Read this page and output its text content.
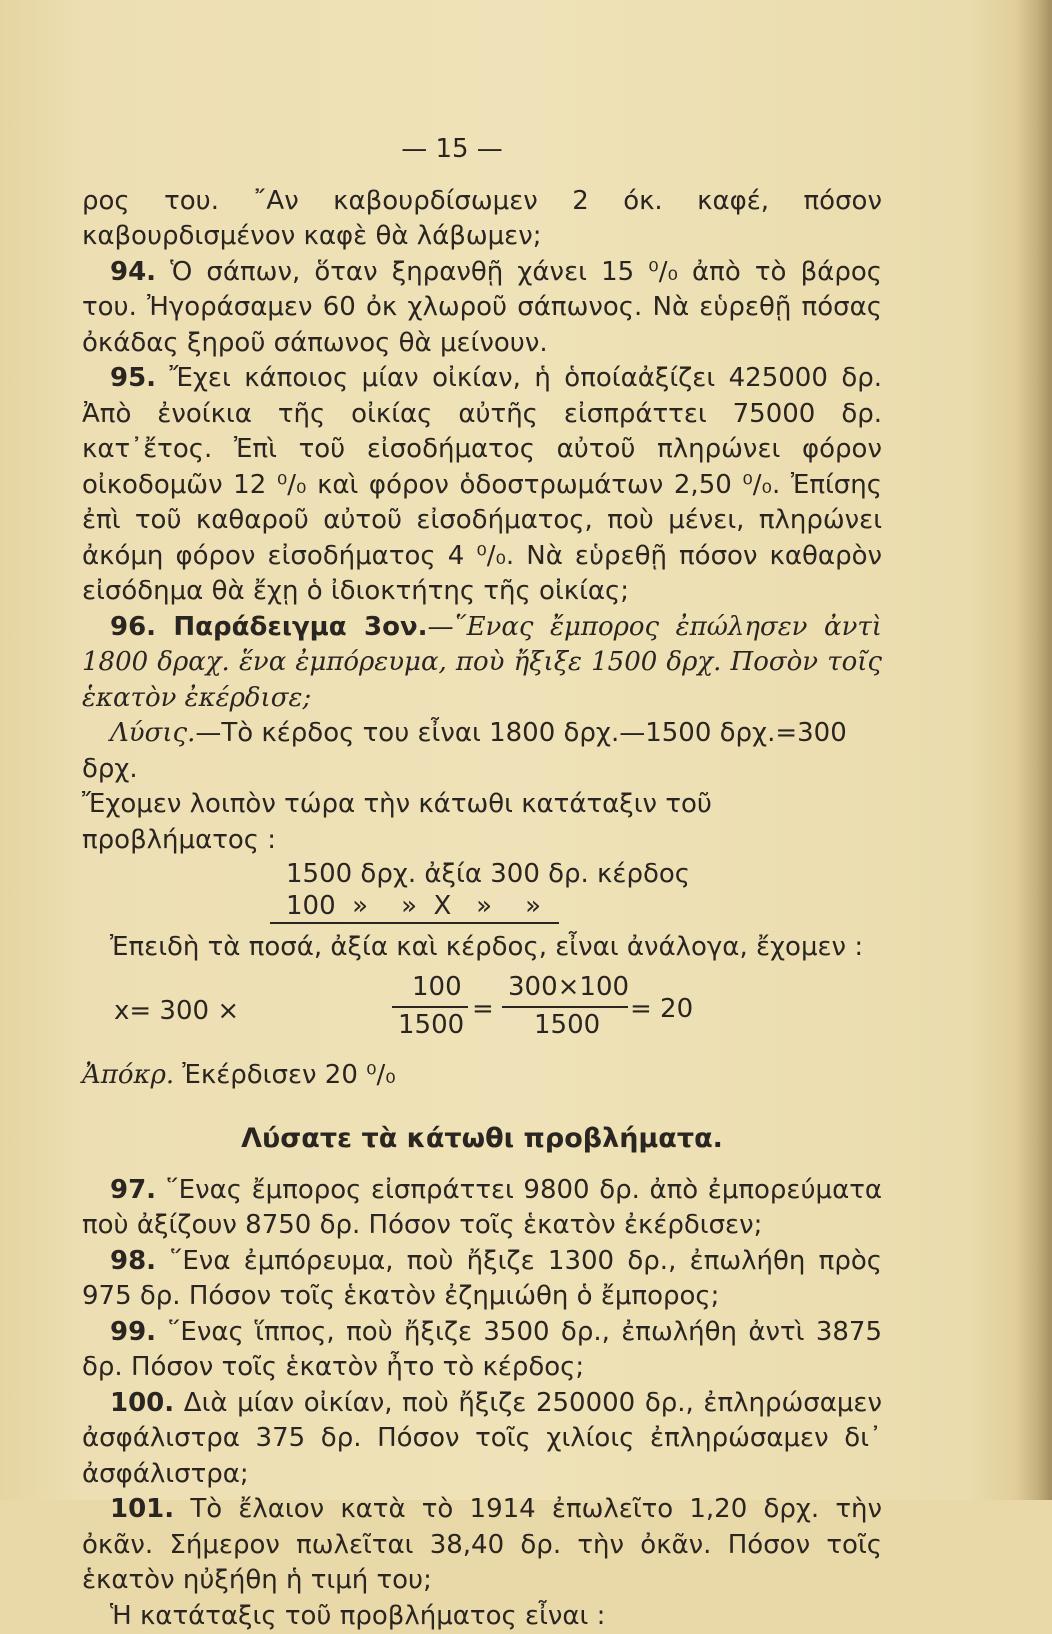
— 15 —
ρος του. ῎Αν καβουρδίσωμεν 2 όκ. καφέ, πόσον καβουρδισμένον καφὲ θὰ λάβωμεν;
94. Ὁ σάπων, ὅταν ξηρανθῇ χάνει 15 ⁰/₀ ἀπὸ τὸ βάρος του. Ἠγοράσαμεν 60 ὀκ χλωροῦ σάπωνος. Νὰ εὑρεθῇ πόσας ὀκάδας ξηροῦ σάπωνος θὰ μείνουν.
95. Ἔχει κάποιος μίαν οἰκίαν, ἡ ὁποίαἀξίζει 425000 δρ. Ἀπὸ ἐνοίκια τῆς οἰκίας αὐτῆς εἰσπράττει 75000 δρ. κατ᾽ἔτος. Ἐπὶ τοῦ εἰσοδήματος αὐτοῦ πληρώνει φόρον οἰκοδομῶν 12 ⁰/₀ καὶ φόρον ὁδοστρωμάτων 2,50 ⁰/₀. Ἐπίσης ἐπὶ τοῦ καθαροῦ αὐτοῦ εἰσοδήματος, ποὺ μένει, πληρώνει ἀκόμη φόρον εἰσοδήματος 4 ⁰/₀. Νὰ εὑρεθῇ πόσον καθαρὸν εἰσόδημα θὰ ἔχῃ ὁ ἰδιοκτήτης τῆς οἰκίας;
96. Παράδειγμα 3ον.—῞Ενας ἔμπορος ἐπώλησεν ἀντὶ 1800 δραχ. ἕνα ἐμπόρευμα, ποὺ ἤξιξε 1500 δρχ. Ποσὸν τοῖς ἑκατὸν ἐκέρδισε;
Λύσις.—Τὸ κέρδος του εἶναι 1800 δρχ.—1500 δρχ.=300 δρχ.
Ἔχομεν λοιπὸν τώρα τὴν κάτωθι κατάταξιν τοῦ προβλήματος :
1500 δρχ. ἀξία 300 δρ. κέρδος
100  »    »  X   »    »
Ἐπειδὴ τὰ ποσά, ἀξία καὶ κέρδος, εἶναι ἀνάλογα, ἔχομεν :
x= 300 ×
100
1500
=
300×100
1500
= 20
Ἀπόκρ. Ἐκέρδισεν 20 ⁰/₀
Λύσατε τὰ κάτωθι προβλήματα.
97. ῞Ενας ἔμπορος εἰσπράττει 9800 δρ. ἀπὸ ἐμπορεύματα ποὺ ἀξίζουν 8750 δρ. Πόσον τοῖς ἑκατὸν ἐκέρδισεν;
98. ῞Ενα ἐμπόρευμα, ποὺ ἤξιζε 1300 δρ., ἐπωλήθη πρὸς 975 δρ. Πόσον τοῖς ἑκατὸν ἐζημιώθη ὁ ἔμπορος;
99. ῞Ενας ἵππος, ποὺ ἤξιζε 3500 δρ., ἐπωλήθη ἀντὶ 3875 δρ. Πόσον τοῖς ἑκατὸν ἦτο τὸ κέρδος;
100. Διὰ μίαν οἰκίαν, ποὺ ἤξιζε 250000 δρ., ἐπληρώσαμεν ἀσφάλιστρα 375 δρ. Πόσον τοῖς χιλίοις ἐπληρώσαμεν δι᾽ ἀσφάλιστρα;
101. Τὸ ἔλαιον κατὰ τὸ 1914 ἐπωλεῖτο 1,20 δρχ. τὴν ὀκᾶν. Σήμερον πωλεῖται 38,40 δρ. τὴν ὀκᾶν. Πόσον τοῖς ἑκατὸν ηὐξήθη ἡ τιμή του;
Ἡ κατάταξις τοῦ προβλήματος εἶναι :
